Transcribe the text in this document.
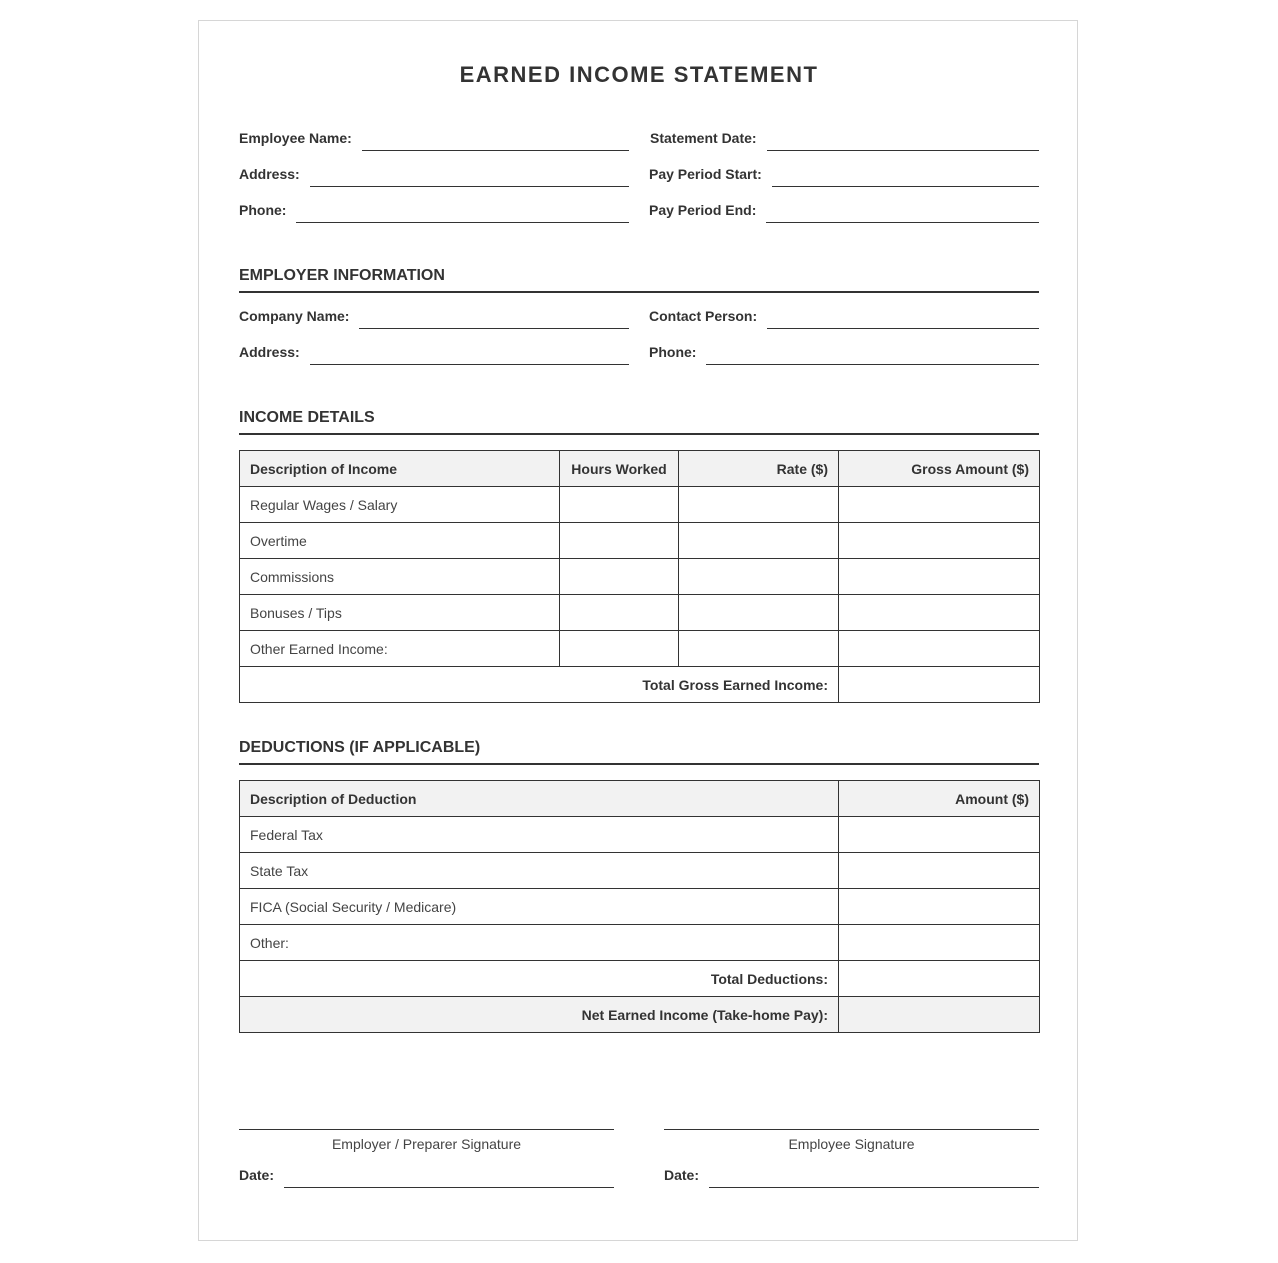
EARNED INCOME STATEMENT
Employee Name:
Address:
Phone:
Statement Date:
Pay Period Start:
Pay Period End:
EMPLOYER INFORMATION
Company Name:
Address:
Contact Person:
Phone:
INCOME DETAILS
Description of Income	Hours Worked	Rate ($)	Gross Amount ($)
Regular Wages / Salary			
Overtime			
Commissions			
Bonuses / Tips			
Other Earned Income:			
Total Gross Earned Income:			
DEDUCTIONS (IF APPLICABLE)
Description of Deduction	Amount ($)
Federal Tax	
State Tax	
FICA (Social Security / Medicare)	
Other:	
Total Deductions:	
Net Earned Income (Take-home Pay):	
Employer / Preparer Signature	Employee Signature
Date:	Date:
